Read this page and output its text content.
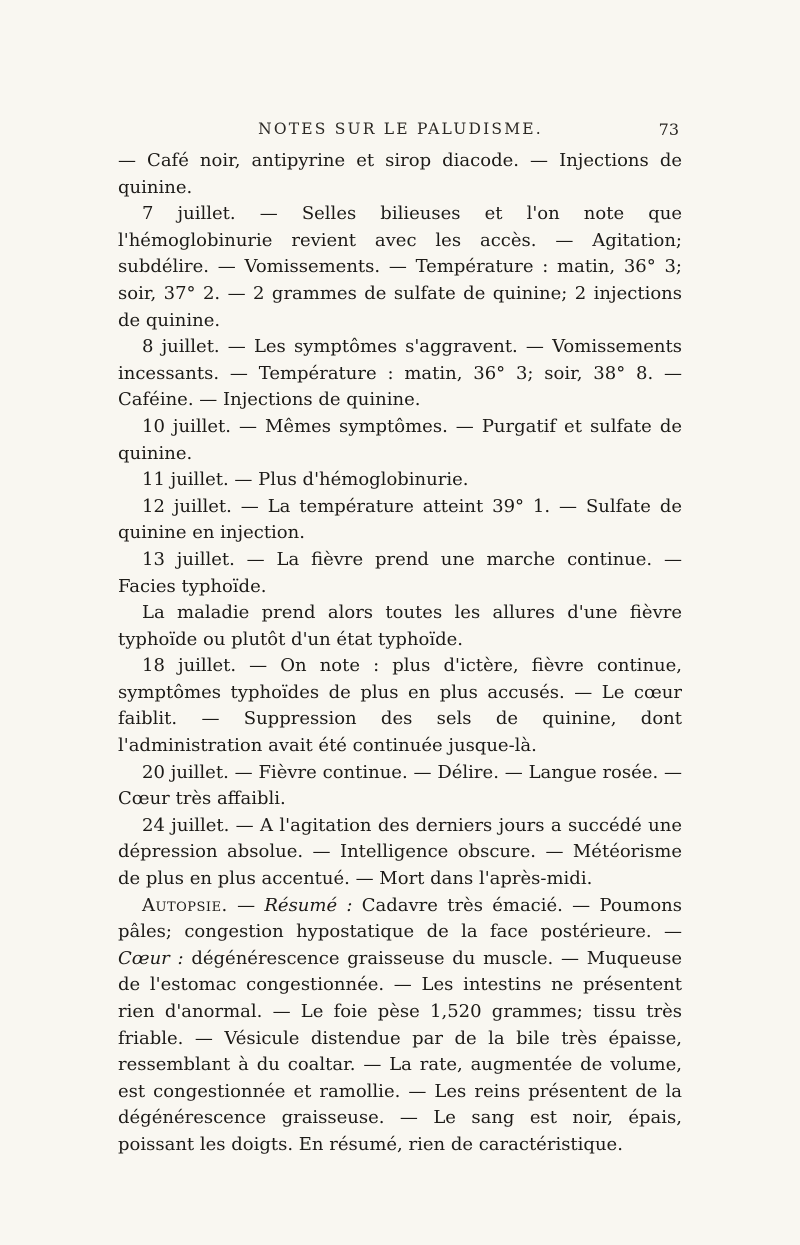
NOTES SUR LE PALUDISME.	73

— Café noir, antipyrine et sirop diacode. — Injections de quinine.

7 juillet. — Selles bilieuses et l'on note que l'hémoglobinurie revient avec les accès. — Agitation; subdélire. — Vomissements. — Température : matin, 36° 3; soir, 37° 2. — 2 grammes de sulfate de quinine; 2 injections de quinine.

8 juillet. — Les symptômes s'aggravent. — Vomissements incessants. — Température : matin, 36° 3; soir, 38° 8. — Caféine. — Injections de quinine.

10 juillet. — Mêmes symptômes. — Purgatif et sulfate de quinine.

11 juillet. — Plus d'hémoglobinurie.

12 juillet. — La température atteint 39° 1. — Sulfate de quinine en injection.

13 juillet. — La fièvre prend une marche continue. — Facies typhoïde.

La maladie prend alors toutes les allures d'une fièvre typhoïde ou plutôt d'un état typhoïde.

18 juillet. — On note : plus d'ictère, fièvre continue, symptômes typhoïdes de plus en plus accusés. — Le cœur faiblit. — Suppression des sels de quinine, dont l'administration avait été continuée jusque-là.

20 juillet. — Fièvre continue. — Délire. — Langue rosée. — Cœur très affaibli.

24 juillet. — A l'agitation des derniers jours a succédé une dépression absolue. — Intelligence obscure. — Météorisme de plus en plus accentué. — Mort dans l'après-midi.

Autopsie. — Résumé : Cadavre très émacié. — Poumons pâles; congestion hypostatique de la face postérieure. — Cœur : dégénérescence graisseuse du muscle. — Muqueuse de l'estomac congestionnée. — Les intestins ne présentent rien d'anormal. — Le foie pèse 1,520 grammes; tissu très friable. — Vésicule distendue par de la bile très épaisse, ressemblant à du coaltar. — La rate, augmentée de volume, est congestionnée et ramollie. — Les reins présentent de la dégénérescence graisseuse. — Le sang est noir, épais, poissant les doigts. En résumé, rien de caractéristique.
